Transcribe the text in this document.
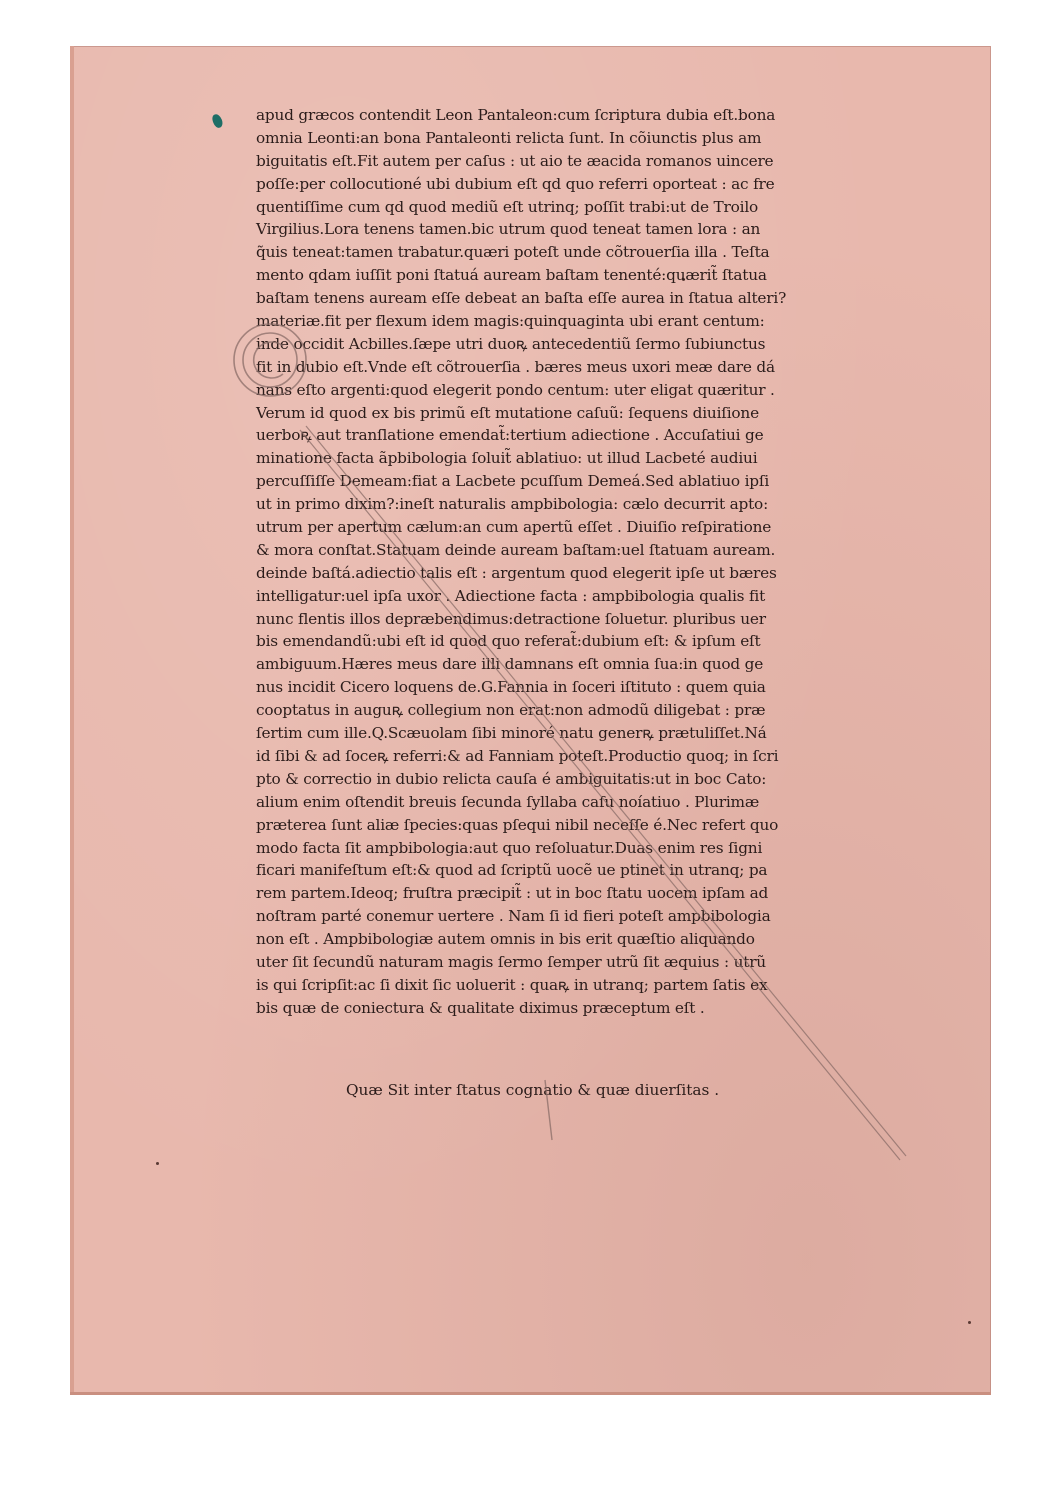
apud græcos contendit Leon Pantaleon:cum ſcriptura dubia eſt.bona
omnia Leonti:an bona Pantaleonti relicta ſunt. In cõiunctis plus am
biguitatis eſt.Fit autem per caſus : ut aio te æacida romanos uincere
poſſe:per collocutioné ubi dubium eſt qd quo referri oporteat : ac fre
quentiſſime cum qd quod mediũ eſt utrinq; poſſit trabi:ut de Troilo
Virgilius.Lora tenens tamen.bic utrum quod teneat tamen lora : an
q̃uis teneat:tamen trabatur.quæri poteſt unde cõtrouerſia illa . Teſta
mento qdam iuſſit poni ſtatuá auream baſtam tenenté:quærit̃ ſtatua
baſtam tenens auream eſſe debeat an baſta eſſe aurea in ſtatua alteri?
materiæ.fit per flexum idem magis:quinquaginta ubi erant centum:
inde occidit Acbilles.ſæpe utri duoꝶ antecedentiũ ſermo ſubiunctus
fit in dubio eſt.Vnde eſt cõtrouerſia . bæres meus uxori meæ dare dá
nans eſto argenti:quod elegerit pondo centum: uter eligat quæritur .
Verum id quod ex bis primũ eſt mutatione caſuũ: ſequens diuiſione
uerboꝶ aut tranſlatione emendat̃:tertium adiectione . Accuſatiui ge
minatione facta ãpbibologia ſoluit̃ ablatiuo: ut illud Lacbeté audiui
percuſſiſſe Demeam:fiat a Lacbete pcuſſum Demeá.Sed ablatiuo ipſi
ut in primo dixim?:ineſt naturalis ampbibologia: cælo decurrit apto:
utrum per apertum cælum:an cum apertũ eſſet . Diuiſio reſpiratione
& mora conſtat.Statuam deinde auream baſtam:uel ſtatuam auream.
deinde baſtá.adiectio talis eſt : argentum quod elegerit ipſe ut bæres
intelligatur:uel ipſa uxor . Adiectione facta : ampbibologia qualis fit
nunc flentis illos depræbendimus:detractione ſoluetur. pluribus uer
bis emendandũ:ubi eſt id quod quo referat̃:dubium eſt: & ipſum eſt
ambiguum.Hæres meus dare illi damnans eſt omnia ſua:in quod ge
nus incidit Cicero loquens de.G.Fannia in ſoceri iſtituto : quem quia
cooptatus in auguꝶ collegium non erat:non admodũ diligebat : præ
ſertim cum ille.Q.Scæuolam ſibi minoré natu generꝶ prætuliſſet.Ná
id ſibi & ad ſoceꝶ referri:& ad Fanniam poteſt.Productio quoq; in ſcri
pto & correctio in dubio relicta cauſa é ambiguitatis:ut in boc Cato:
alium enim oſtendit breuis ſecunda ſyllaba caſu noíatiuo . Plurimæ
præterea ſunt aliæ ſpecies:quas pſequi nibil neceſſe é.Nec refert quo
modo facta ſit ampbibologia:aut quo reſoluatur.Duas enim res ſigni
ficari manifeſtum eſt:& quod ad ſcriptũ uocẽ ue ptinet in utranq; pa
rem partem.Ideoq; fruſtra præcipit̃ : ut in boc ſtatu uocem ipſam ad
noſtram parté conemur uertere . Nam ſi id fieri poteſt ampbibologia
non eſt . Ampbibologiæ autem omnis in bis erit quæſtio aliquando
uter ſit ſecundũ naturam magis ſermo ſemper utrũ ſit æquius : utrũ
is qui ſcripſit:ac ſi dixit ſic uoluerit : quaꝶ in utranq; partem ſatis ex
bis quæ de coniectura & qualitate diximus præceptum eſt .
Quæ Sit inter ſtatus cognatio & quæ diuerſitas .
